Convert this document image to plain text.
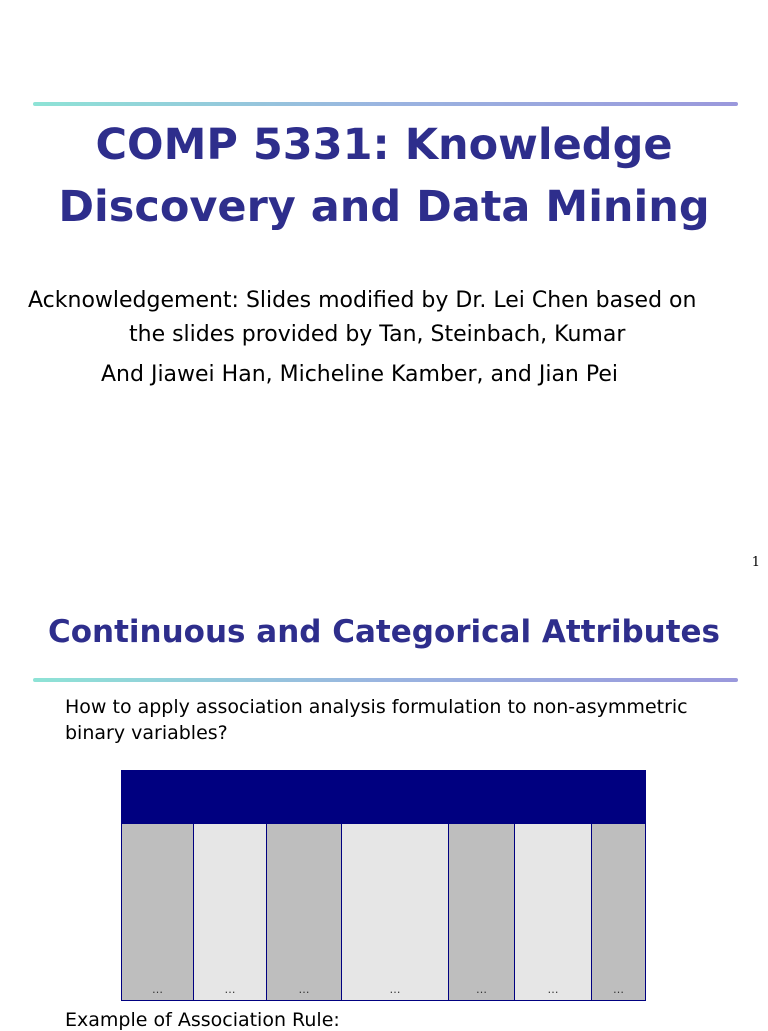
COMP 5331: Knowledge
Discovery and Data Mining
Acknowledgement: Slides modified by Dr. Lei Chen based on
the slides provided by Tan, Steinbach, Kumar
And Jiawei Han, Micheline Kamber, and Jian Pei
1
Continuous and Categorical Attributes
How to apply association analysis formulation to non-asymmetric
binary variables?
…	…	…	…	…	…	…
Example of Association Rule:
